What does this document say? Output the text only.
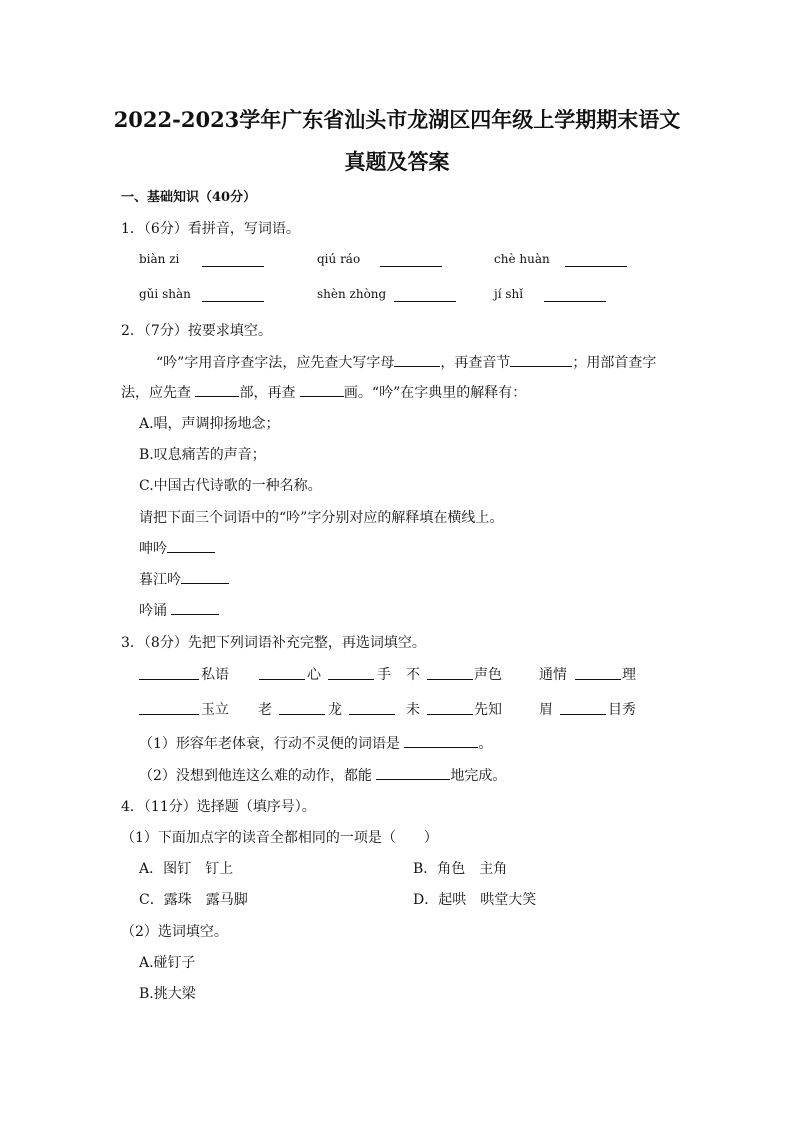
2022-2023学年广东省汕头市龙湖区四年级上学期期末语文
真题及答案
一、基础知识（40分）
1．（6分）看拼音，写词语。
biàn zi	qiú ráo	chè huàn
gǔi shàn	shèn zhòng	jí shǐ
2．（7分）按要求填空。
“吟”字用音序查字法，应先查大写字母	，再查音节	；用部首查字
法，应先查	部，再查	画。“吟”在字典里的解释有：
A.唱，声调抑扬地念；
B.叹息痛苦的声音；
C.中国古代诗歌的一种名称。
请把下面三个词语中的“吟”字分别对应的解释填在横线上。
呻吟
暮江吟
吟诵
3．（8分）先把下列词语补充完整，再选词填空。
私语	心	手 不	声色	通情	理
玉立 老	龙	未	先知	眉	目秀
（1）形容年老体衰，行动不灵便的词语是	。
（2）没想到他连这么难的动作，都能	地完成。
4．（11分）选择题（填序号）。
（1）下面加点字的读音全都相同的一项是（　　）
A．图钉　钉上	B．角色　主角
C．露珠　露马脚	D．起哄　哄堂大笑
（2）选词填空。
A.碰钉子
B.挑大梁
